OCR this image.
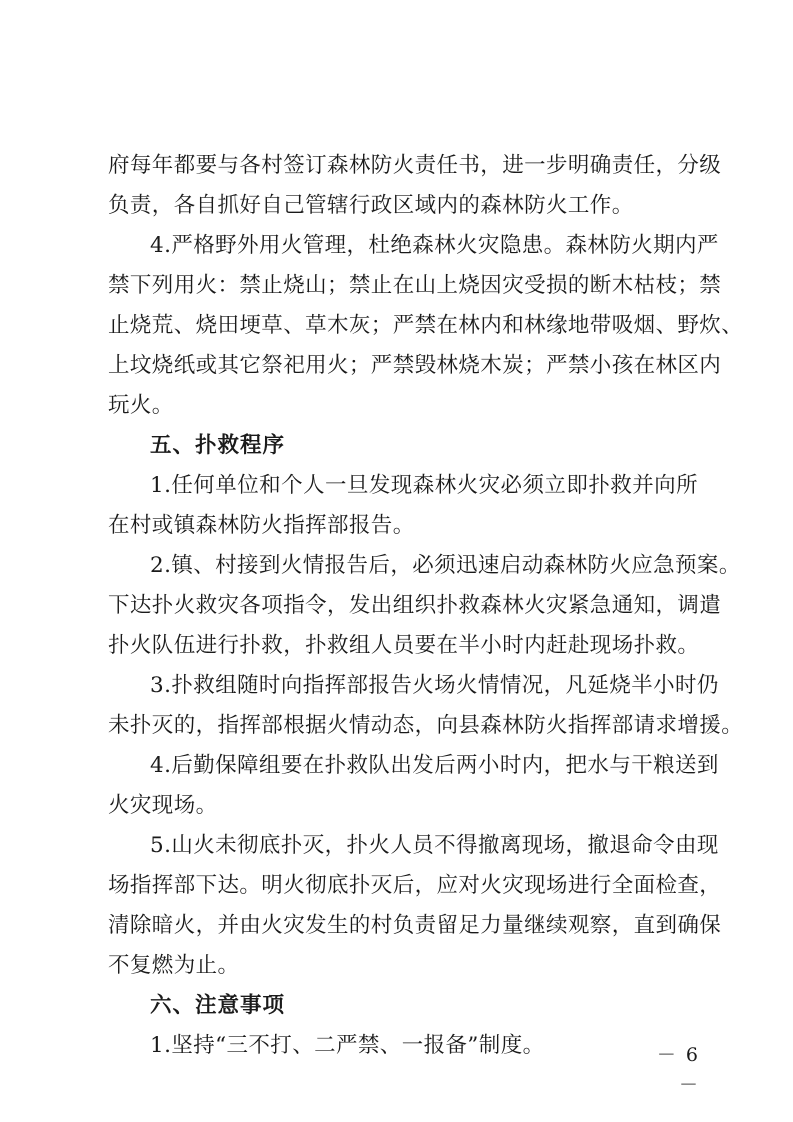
府每年都要与各村签订森林防火责任书，进一步明确责任，分级
负责，各自抓好自己管辖行政区域内的森林防火工作。
4.严格野外用火管理，杜绝森林火灾隐患。森林防火期内严
禁下列用火：禁止烧山；禁止在山上烧因灾受损的断木枯枝；禁
止烧荒、烧田埂草、草木灰；严禁在林内和林缘地带吸烟、野炊、
上坟烧纸或其它祭祀用火；严禁毁林烧木炭；严禁小孩在林区内
玩火。
五、扑救程序
1.任何单位和个人一旦发现森林火灾必须立即扑救并向所
在村或镇森林防火指挥部报告。
2.镇、村接到火情报告后，必须迅速启动森林防火应急预案。
下达扑火救灾各项指令，发出组织扑救森林火灾紧急通知，调遣
扑火队伍进行扑救，扑救组人员要在半小时内赶赴现场扑救。
3.扑救组随时向指挥部报告火场火情情况，凡延烧半小时仍
未扑灭的，指挥部根据火情动态，向县森林防火指挥部请求增援。
4.后勤保障组要在扑救队出发后两小时内，把水与干粮送到
火灾现场。
5.山火未彻底扑灭，扑火人员不得撤离现场，撤退命令由现
场指挥部下达。明火彻底扑灭后，应对火灾现场进行全面检查，
清除暗火，并由火灾发生的村负责留足力量继续观察，直到确保
不复燃为止。
六、注意事项
1.坚持“三不打、二严禁、一报备”制度。	－ 6 －
